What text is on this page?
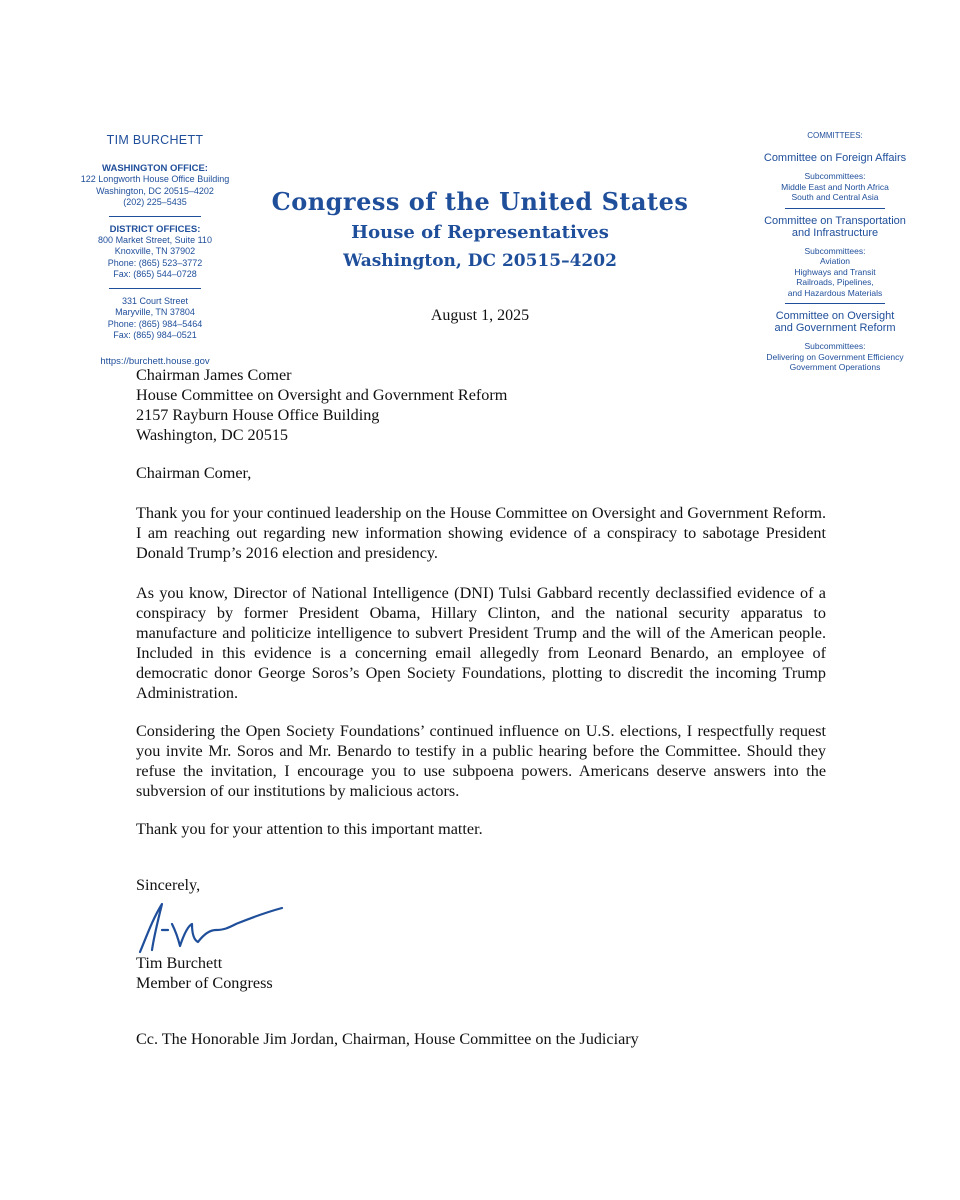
TIM BURCHETT
WASHINGTON OFFICE:
122 Longworth House Office Building
Washington, DC 20515–4202
(202) 225–5435
DISTRICT OFFICES:
800 Market Street, Suite 110
Knoxville, TN 37902
Phone: (865) 523–3772
Fax: (865) 544–0728
331 Court Street
Maryville, TN 37804
Phone: (865) 984–5464
Fax: (865) 984–0521
https://burchett.house.gov
Congress of the United States
House of Representatives
Washington, DC 20515–4202
August 1, 2025
COMMITTEES:
Committee on Foreign Affairs
Subcommittees:
Middle East and North Africa
South and Central Asia
Committee on Transportation
and Infrastructure
Subcommittees:
Aviation
Highways and Transit
Railroads, Pipelines,
and Hazardous Materials
Committee on Oversight
and Government Reform
Subcommittees:
Delivering on Government Efficiency
Government Operations
Chairman James Comer
House Committee on Oversight and Government Reform
2157 Rayburn House Office Building
Washington, DC 20515
Chairman Comer,
Thank you for your continued leadership on the House Committee on Oversight and Government Reform. I am reaching out regarding new information showing evidence of a conspiracy to sabotage President Donald Trump’s 2016 election and presidency.
As you know, Director of National Intelligence (DNI) Tulsi Gabbard recently declassified evidence of a conspiracy by former President Obama, Hillary Clinton, and the national security apparatus to manufacture and politicize intelligence to subvert President Trump and the will of the American people. Included in this evidence is a concerning email allegedly from Leonard Benardo, an employee of democratic donor George Soros’s Open Society Foundations, plotting to discredit the incoming Trump Administration.
Considering the Open Society Foundations’ continued influence on U.S. elections, I respectfully request you invite Mr. Soros and Mr. Benardo to testify in a public hearing before the Committee. Should they refuse the invitation, I encourage you to use subpoena powers. Americans deserve answers into the subversion of our institutions by malicious actors.
Thank you for your attention to this important matter.
Sincerely,
Tim Burchett
Member of Congress
Cc. The Honorable Jim Jordan, Chairman, House Committee on the Judiciary
